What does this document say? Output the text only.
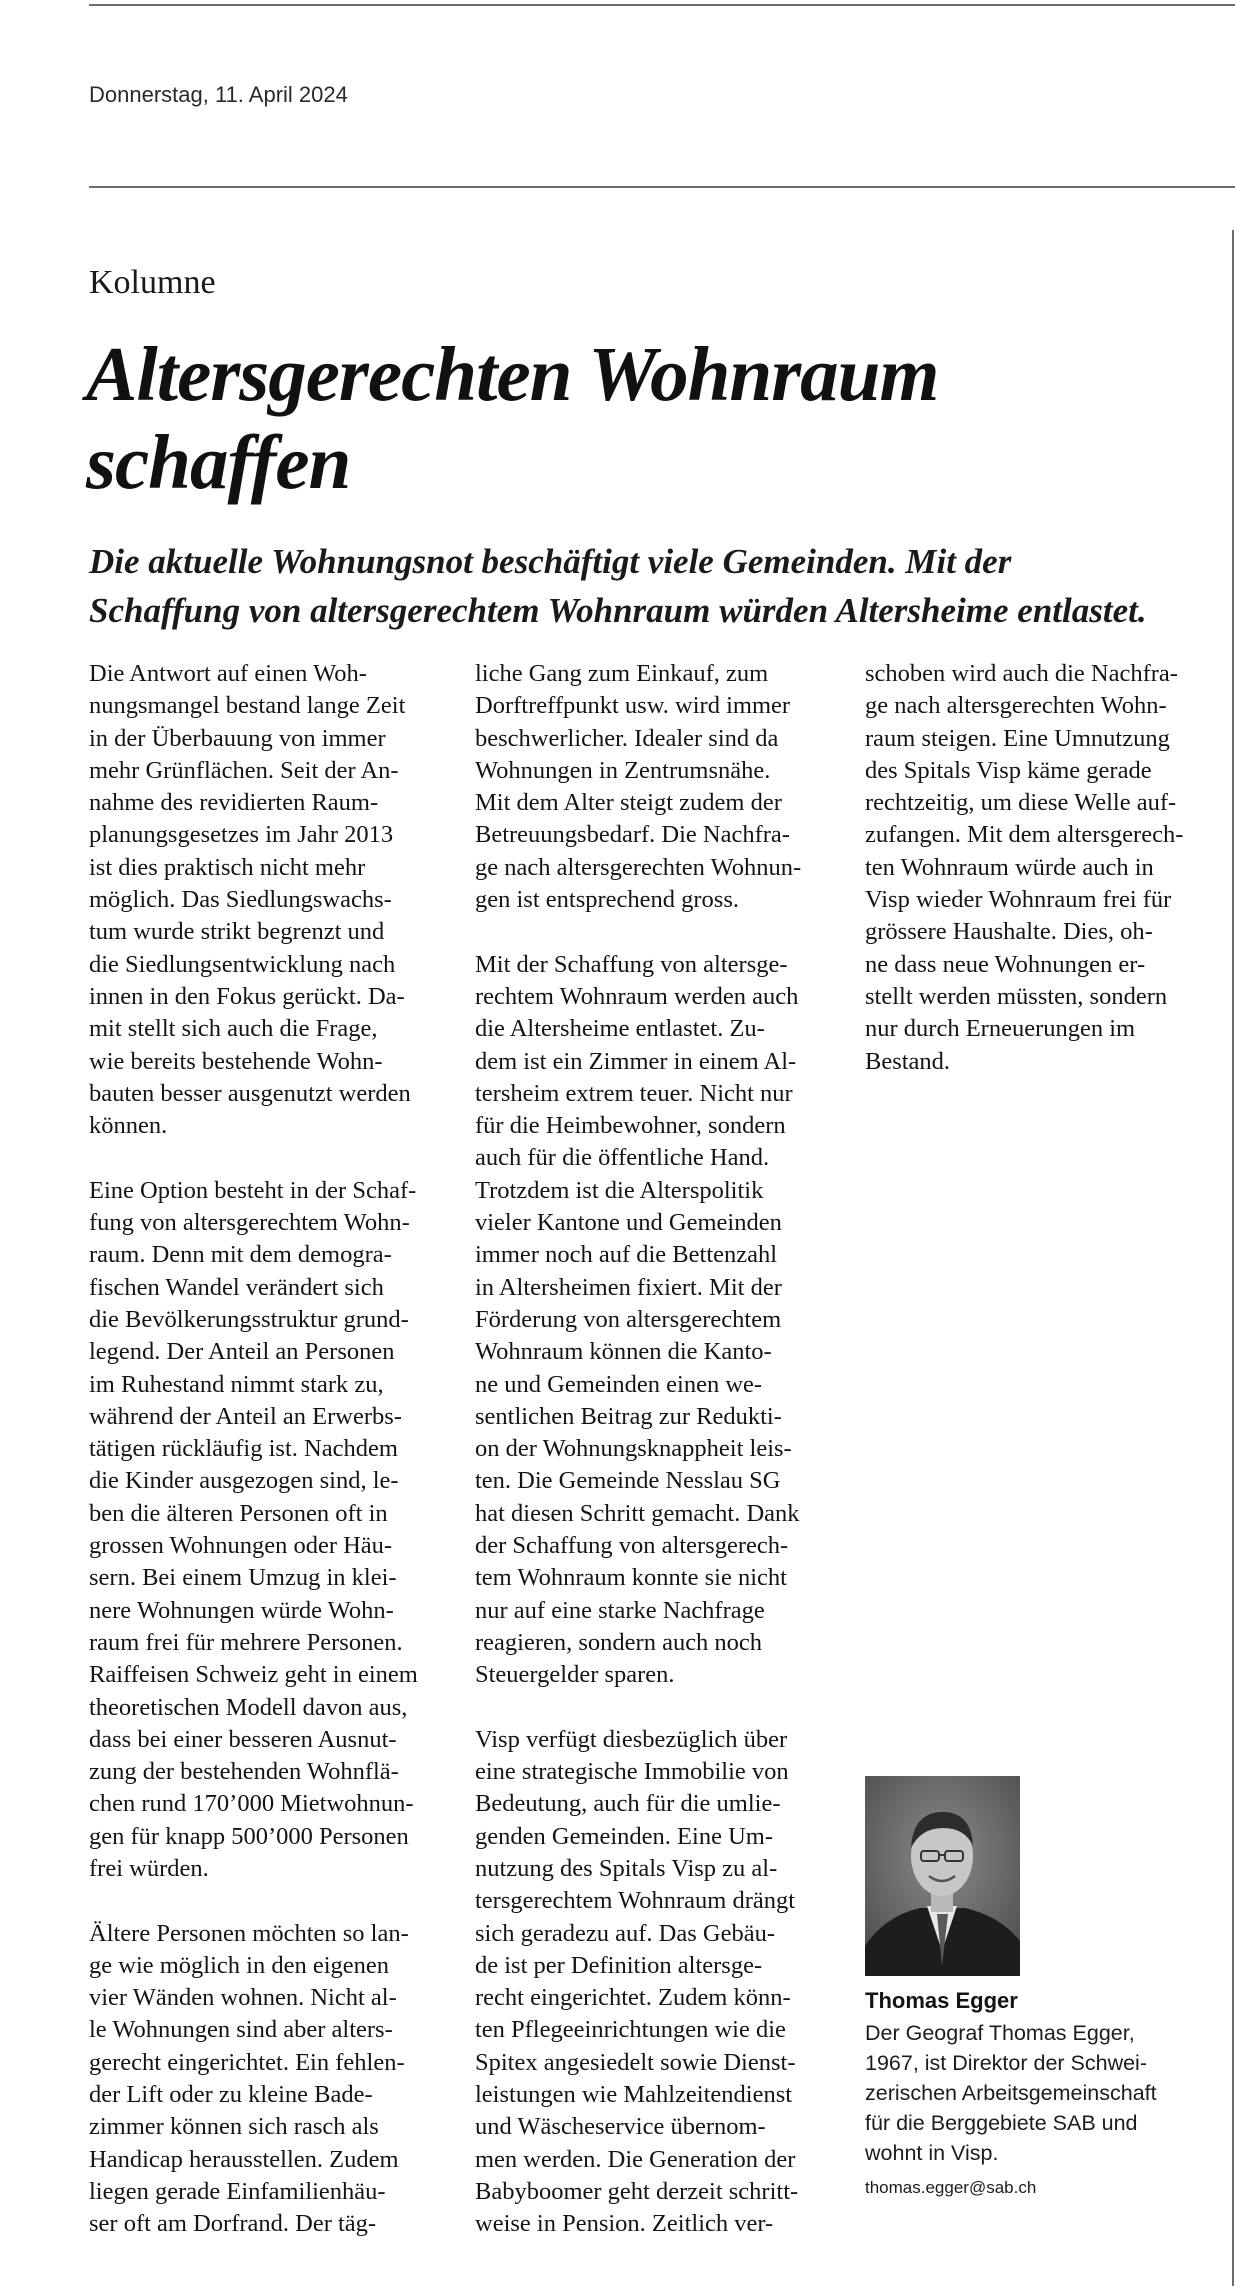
Donnerstag, 11. April 2024
Kolumne
Altersgerechten Wohnraum
schaffen
Die aktuelle Wohnungsnot beschäftigt viele Gemeinden. Mit der
Schaffung von altersgerechtem Wohnraum würden Altersheime entlastet.
Die Antwort auf einen Woh-
nungsmangel bestand lange Zeit
in der Überbauung von immer
mehr Grünflächen. Seit der An-
nahme des revidierten Raum-
planungsgesetzes im Jahr 2013
ist dies praktisch nicht mehr
möglich. Das Siedlungswachs-
tum wurde strikt begrenzt und
die Siedlungsentwicklung nach
innen in den Fokus gerückt. Da-
mit stellt sich auch die Frage,
wie bereits bestehende Wohn-
bauten besser ausgenutzt werden
können.
Eine Option besteht in der Schaf-
fung von altersgerechtem Wohn-
raum. Denn mit dem demogra-
fischen Wandel verändert sich
die Bevölkerungsstruktur grund-
legend. Der Anteil an Personen
im Ruhestand nimmt stark zu,
während der Anteil an Erwerbs-
tätigen rückläufig ist. Nachdem
die Kinder ausgezogen sind, le-
ben die älteren Personen oft in
grossen Wohnungen oder Häu-
sern. Bei einem Umzug in klei-
nere Wohnungen würde Wohn-
raum frei für mehrere Personen.
Raiffeisen Schweiz geht in einem
theoretischen Modell davon aus,
dass bei einer besseren Ausnut-
zung der bestehenden Wohnflä-
chen rund 170’000 Mietwohnun-
gen für knapp 500’000 Personen
frei würden.
Ältere Personen möchten so lan-
ge wie möglich in den eigenen
vier Wänden wohnen. Nicht al-
le Wohnungen sind aber alters-
gerecht eingerichtet. Ein fehlen-
der Lift oder zu kleine Bade-
zimmer können sich rasch als
Handicap herausstellen. Zudem
liegen gerade Einfamilienhäu-
ser oft am Dorfrand. Der täg-
liche Gang zum Einkauf, zum
Dorftreffpunkt usw. wird immer
beschwerlicher. Idealer sind da
Wohnungen in Zentrumsnähe.
Mit dem Alter steigt zudem der
Betreuungsbedarf. Die Nachfra-
ge nach altersgerechten Wohnun-
gen ist entsprechend gross.
Mit der Schaffung von altersge-
rechtem Wohnraum werden auch
die Altersheime entlastet. Zu-
dem ist ein Zimmer in einem Al-
tersheim extrem teuer. Nicht nur
für die Heimbewohner, sondern
auch für die öffentliche Hand.
Trotzdem ist die Alterspolitik
vieler Kantone und Gemeinden
immer noch auf die Bettenzahl
in Altersheimen fixiert. Mit der
Förderung von altersgerechtem
Wohnraum können die Kanto-
ne und Gemeinden einen we-
sentlichen Beitrag zur Redukti-
on der Wohnungsknappheit leis-
ten. Die Gemeinde Nesslau SG
hat diesen Schritt gemacht. Dank
der Schaffung von altersgerech-
tem Wohnraum konnte sie nicht
nur auf eine starke Nachfrage
reagieren, sondern auch noch
Steuergelder sparen.
Visp verfügt diesbezüglich über
eine strategische Immobilie von
Bedeutung, auch für die umlie-
genden Gemeinden. Eine Um-
nutzung des Spitals Visp zu al-
tersgerechtem Wohnraum drängt
sich geradezu auf. Das Gebäu-
de ist per Definition altersge-
recht eingerichtet. Zudem könn-
ten Pflegeeinrichtungen wie die
Spitex angesiedelt sowie Dienst-
leistungen wie Mahlzeitendienst
und Wäscheservice übernom-
men werden. Die Generation der
Babyboomer geht derzeit schritt-
weise in Pension. Zeitlich ver-
schoben wird auch die Nachfra-
ge nach altersgerechten Wohn-
raum steigen. Eine Umnutzung
des Spitals Visp käme gerade
rechtzeitig, um diese Welle auf-
zufangen. Mit dem altersgerech-
ten Wohnraum würde auch in
Visp wieder Wohnraum frei für
grössere Haushalte. Dies, oh-
ne dass neue Wohnungen er-
stellt werden müssten, sondern
nur durch Erneuerungen im
Bestand.
Thomas Egger
Der Geograf Thomas Egger,
1967, ist Direktor der Schwei-
zerischen Arbeitsgemeinschaft
für die Berggebiete SAB und
wohnt in Visp.
thomas.egger@sab.ch
